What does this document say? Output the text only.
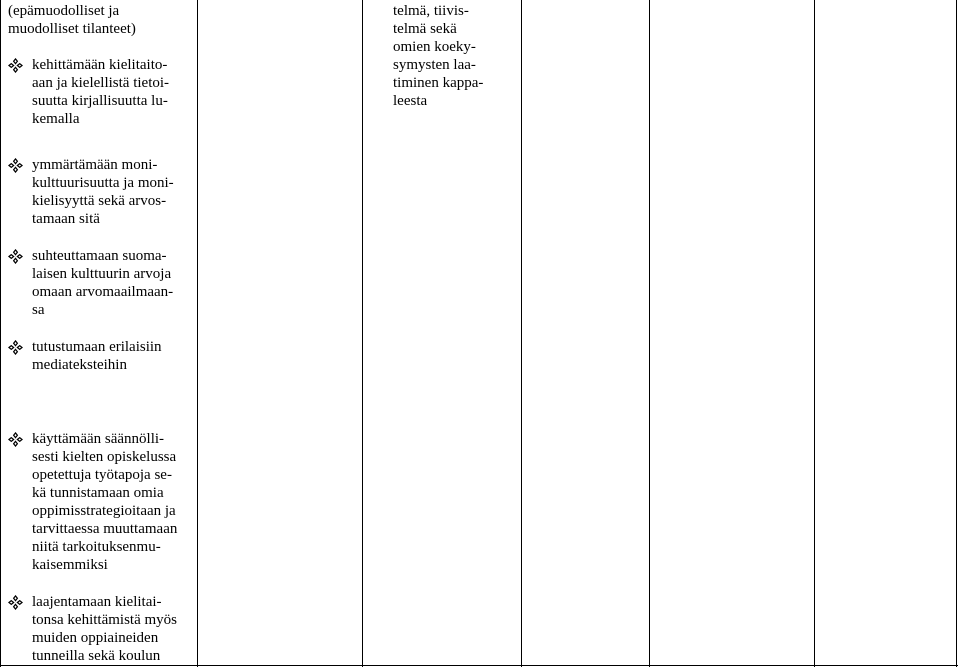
(epämuodolliset ja
muodolliset tilanteet)
kehittämään kielitaito-
aan ja kielellistä tietoi-
suutta kirjallisuutta lu-
kemalla
ymmärtämään moni-
kulttuurisuutta ja moni-
kielisyyttä sekä arvos-
tamaan sitä
suhteuttamaan suoma-
laisen kulttuurin arvoja
omaan arvomaailmaan-
sa
tutustumaan erilaisiin
mediateksteihin
käyttämään säännölli-
sesti kielten opiskelussa
opetettuja työtapoja se-
kä tunnistamaan omia
oppimisstrategioitaan ja
tarvittaessa muuttamaan
niitä tarkoituksenmu-
kaisemmiksi
laajentamaan kielitai-
tonsa kehittämistä myös
muiden oppiaineiden
tunneilla sekä koulun
telmä, tiivis-
telmä sekä
omien koeky-
symysten laa-
timinen kappa-
leesta
